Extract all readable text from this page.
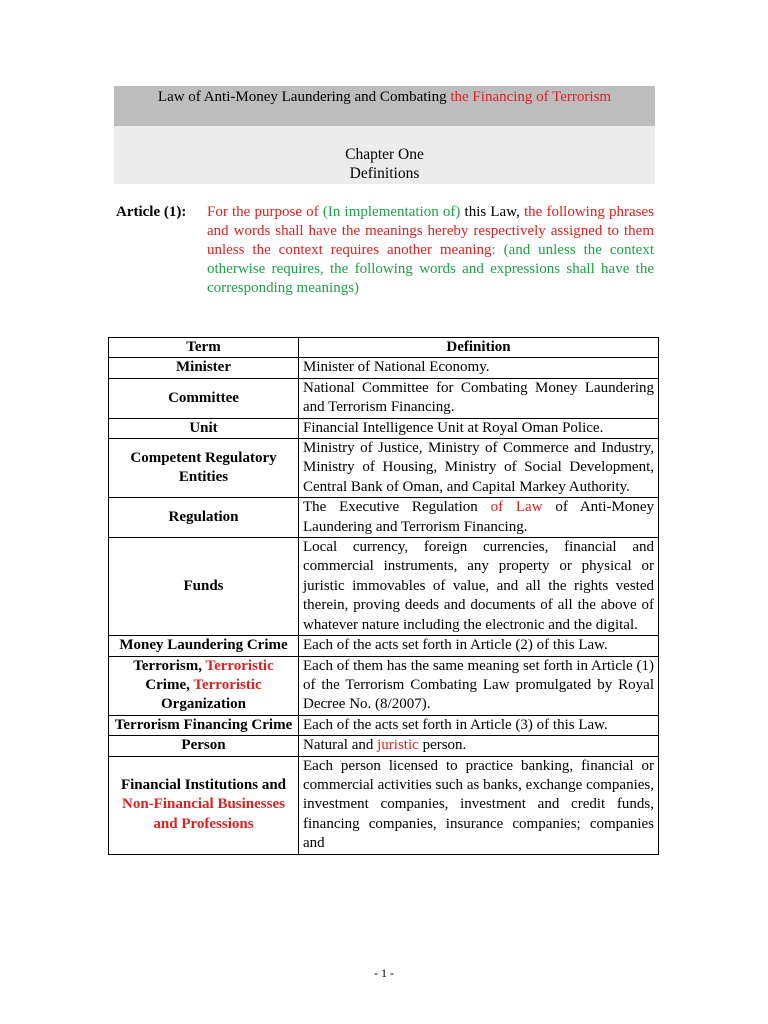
Law of Anti-Money Laundering and Combating the Financing of Terrorism
Chapter One
Definitions
Article (1): For the purpose of (In implementation of) this Law, the following phrases and words shall have the meanings hereby respectively assigned to them unless the context requires another meaning: (and unless the context otherwise requires, the following words and expressions shall have the corresponding meanings)
Term	Definition
Minister	Minister of National Economy.
Committee	National Committee for Combating Money Laundering and Terrorism Financing.
Unit	Financial Intelligence Unit at Royal Oman Police.
Competent Regulatory Entities	Ministry of Justice, Ministry of Commerce and Industry, Ministry of Housing, Ministry of Social Development, Central Bank of Oman, and Capital Markey Authority.
Regulation	The Executive Regulation of Law of Anti-Money Laundering and Terrorism Financing.
Funds	Local currency, foreign currencies, financial and commercial instruments, any property or physical or juristic immovables of value, and all the rights vested therein, proving deeds and documents of all the above of whatever nature including the electronic and the digital.
Money Laundering Crime	Each of the acts set forth in Article (2) of this Law.
Terrorism, Terroristic Crime, Terroristic Organization	Each of them has the same meaning set forth in Article (1) of the Terrorism Combating Law promulgated by Royal Decree No. (8/2007).
Terrorism Financing Crime	Each of the acts set forth in Article (3) of this Law.
Person	Natural and juristic person.
Financial Institutions and Non-Financial Businesses and Professions	Each person licensed to practice banking, financial or commercial activities such as banks, exchange companies, investment companies, investment and credit funds, financing companies, insurance companies; companies and
- 1 -
